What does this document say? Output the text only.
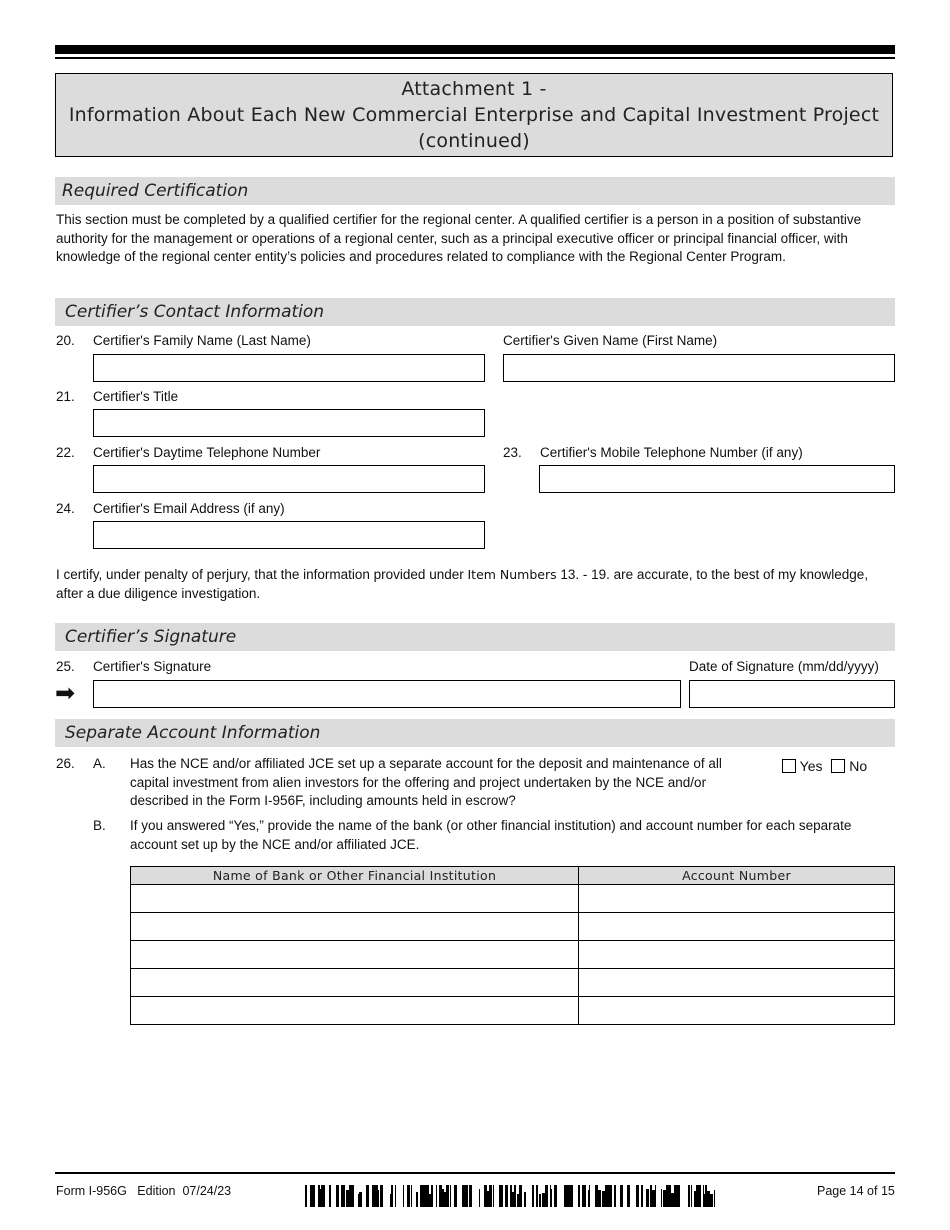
Attachment 1 -
Information About Each New Commercial Enterprise and Capital Investment Project
(continued)
Required Certification
This section must be completed by a qualified certifier for the regional center. A qualified certifier is a person in a position of substantive authority for the management or operations of a regional center, such as a principal executive officer or principal financial officer, with knowledge of the regional center entity’s policies and procedures related to compliance with the Regional Center Program.
Certifier’s Contact Information
20. Certifier's Family Name (Last Name)	Certifier's Given Name (First Name)
21. Certifier's Title
22. Certifier's Daytime Telephone Number	23. Certifier's Mobile Telephone Number (if any)
24. Certifier's Email Address (if any)
I certify, under penalty of perjury, that the information provided under Item Numbers 13. - 19. are accurate, to the best of my knowledge, after a due diligence investigation.
Certifier’s Signature
25. Certifier's Signature	Date of Signature (mm/dd/yyyy)
➡
Separate Account Information
26. A. Has the NCE and/or affiliated JCE set up a separate account for the deposit and maintenance of all capital investment from alien investors for the offering and project undertaken by the NCE and/or described in the Form I-956F, including amounts held in escrow?
Yes No
B. If you answered “Yes,” provide the name of the bank (or other financial institution) and account number for each separate account set up by the NCE and/or affiliated JCE.
Name of Bank or Other Financial Institution	Account Number

Form I-956G Edition 07/24/23	Page 14 of 15
